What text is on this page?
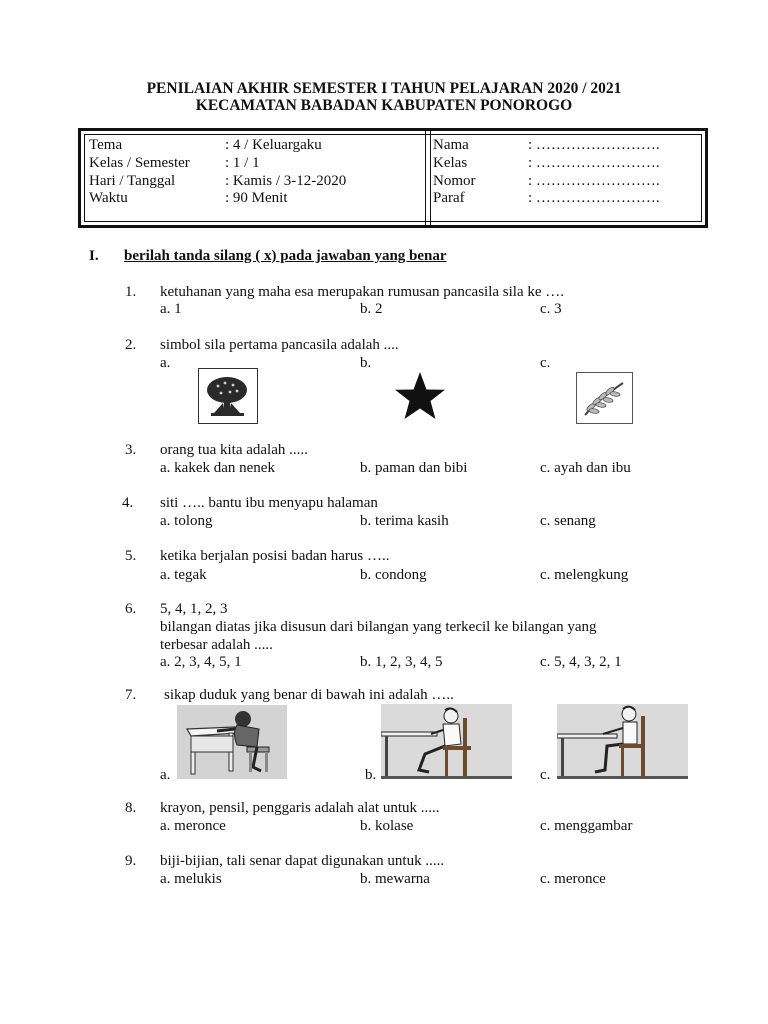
PENILAIAN AKHIR SEMESTER I TAHUN PELAJARAN 2020 / 2021
KECAMATAN BABADAN KABUPATEN PONOROGO
Tema	: 4 / Keluargaku
Kelas / Semester : 1 / 1
Hari / Tanggal	: Kamis / 3-12-2020
Waktu	: 90 Menit
Nama	: …………………….
Kelas	: …………………….
Nomor	: …………………….
Paraf	: …………………….
I. berilah tanda silang ( x) pada jawaban yang benar
1. ketuhanan yang maha esa merupakan rumusan pancasila sila ke ….
a. 1	b. 2	c. 3
2. simbol sila pertama pancasila adalah ....
a.	b.	c.
3. orang tua kita adalah .....
a. kakek dan nenek	b. paman dan bibi	c. ayah dan ibu
4. siti ….. bantu ibu menyapu halaman
a. tolong	b. terima kasih	c. senang
5. ketika berjalan posisi badan harus …..
a. tegak	b. condong	c. melengkung
6. 5, 4, 1, 2, 3
bilangan diatas jika disusun dari bilangan yang terkecil ke bilangan yang
terbesar adalah .....
a. 2, 3, 4, 5, 1	b. 1, 2, 3, 4, 5	c. 5, 4, 3, 2, 1
7. sikap duduk yang benar di bawah ini adalah …..
a.	b.	c.
8. krayon, pensil, penggaris adalah alat untuk .....
a. meronce	b. kolase	c. menggambar
9. biji-bijian, tali senar dapat digunakan untuk .....
a. melukis	b. mewarna	c. meronce
